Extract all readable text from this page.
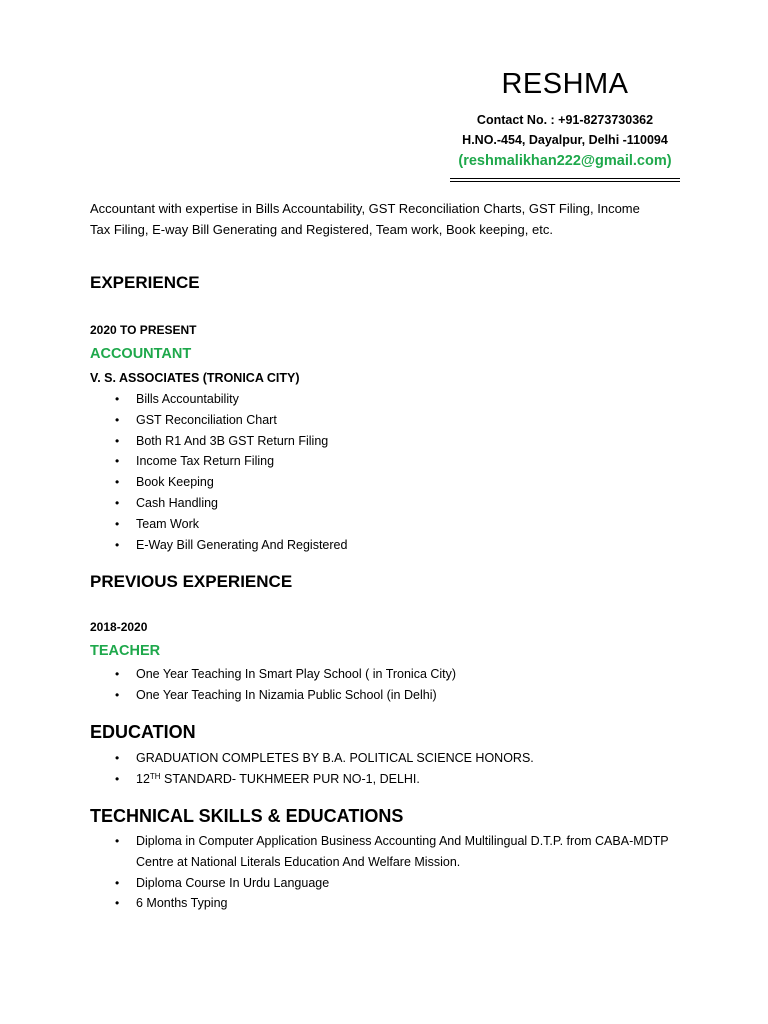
RESHMA
Contact No. : +91-8273730362
H.NO.-454, Dayalpur, Delhi -110094
(reshmalikhan222@gmail.com)
Accountant with expertise in Bills Accountability, GST Reconciliation Charts, GST Filing, Income
Tax Filing, E-way Bill Generating and Registered, Team work, Book keeping, etc.
EXPERIENCE
2020 TO PRESENT
ACCOUNTANT
V. S. ASSOCIATES (TRONICA CITY)
• Bills Accountability
• GST Reconciliation Chart
• Both R1 And 3B GST Return Filing
• Income Tax Return Filing
• Book Keeping
• Cash Handling
• Team Work
• E-Way Bill Generating And Registered
PREVIOUS EXPERIENCE
2018-2020
TEACHER
• One Year Teaching In Smart Play School ( in Tronica City)
• One Year Teaching In Nizamia Public School (in Delhi)
EDUCATION
• GRADUATION COMPLETES BY B.A. POLITICAL SCIENCE HONORS.
• 12TH STANDARD- TUKHMEER PUR NO-1, DELHI.
TECHNICAL SKILLS & EDUCATIONS
• Diploma in Computer Application Business Accounting And Multilingual D.T.P. from CABA-MDTP
Centre at National Literals Education And Welfare Mission.
• Diploma Course In Urdu Language
• 6 Months Typing
